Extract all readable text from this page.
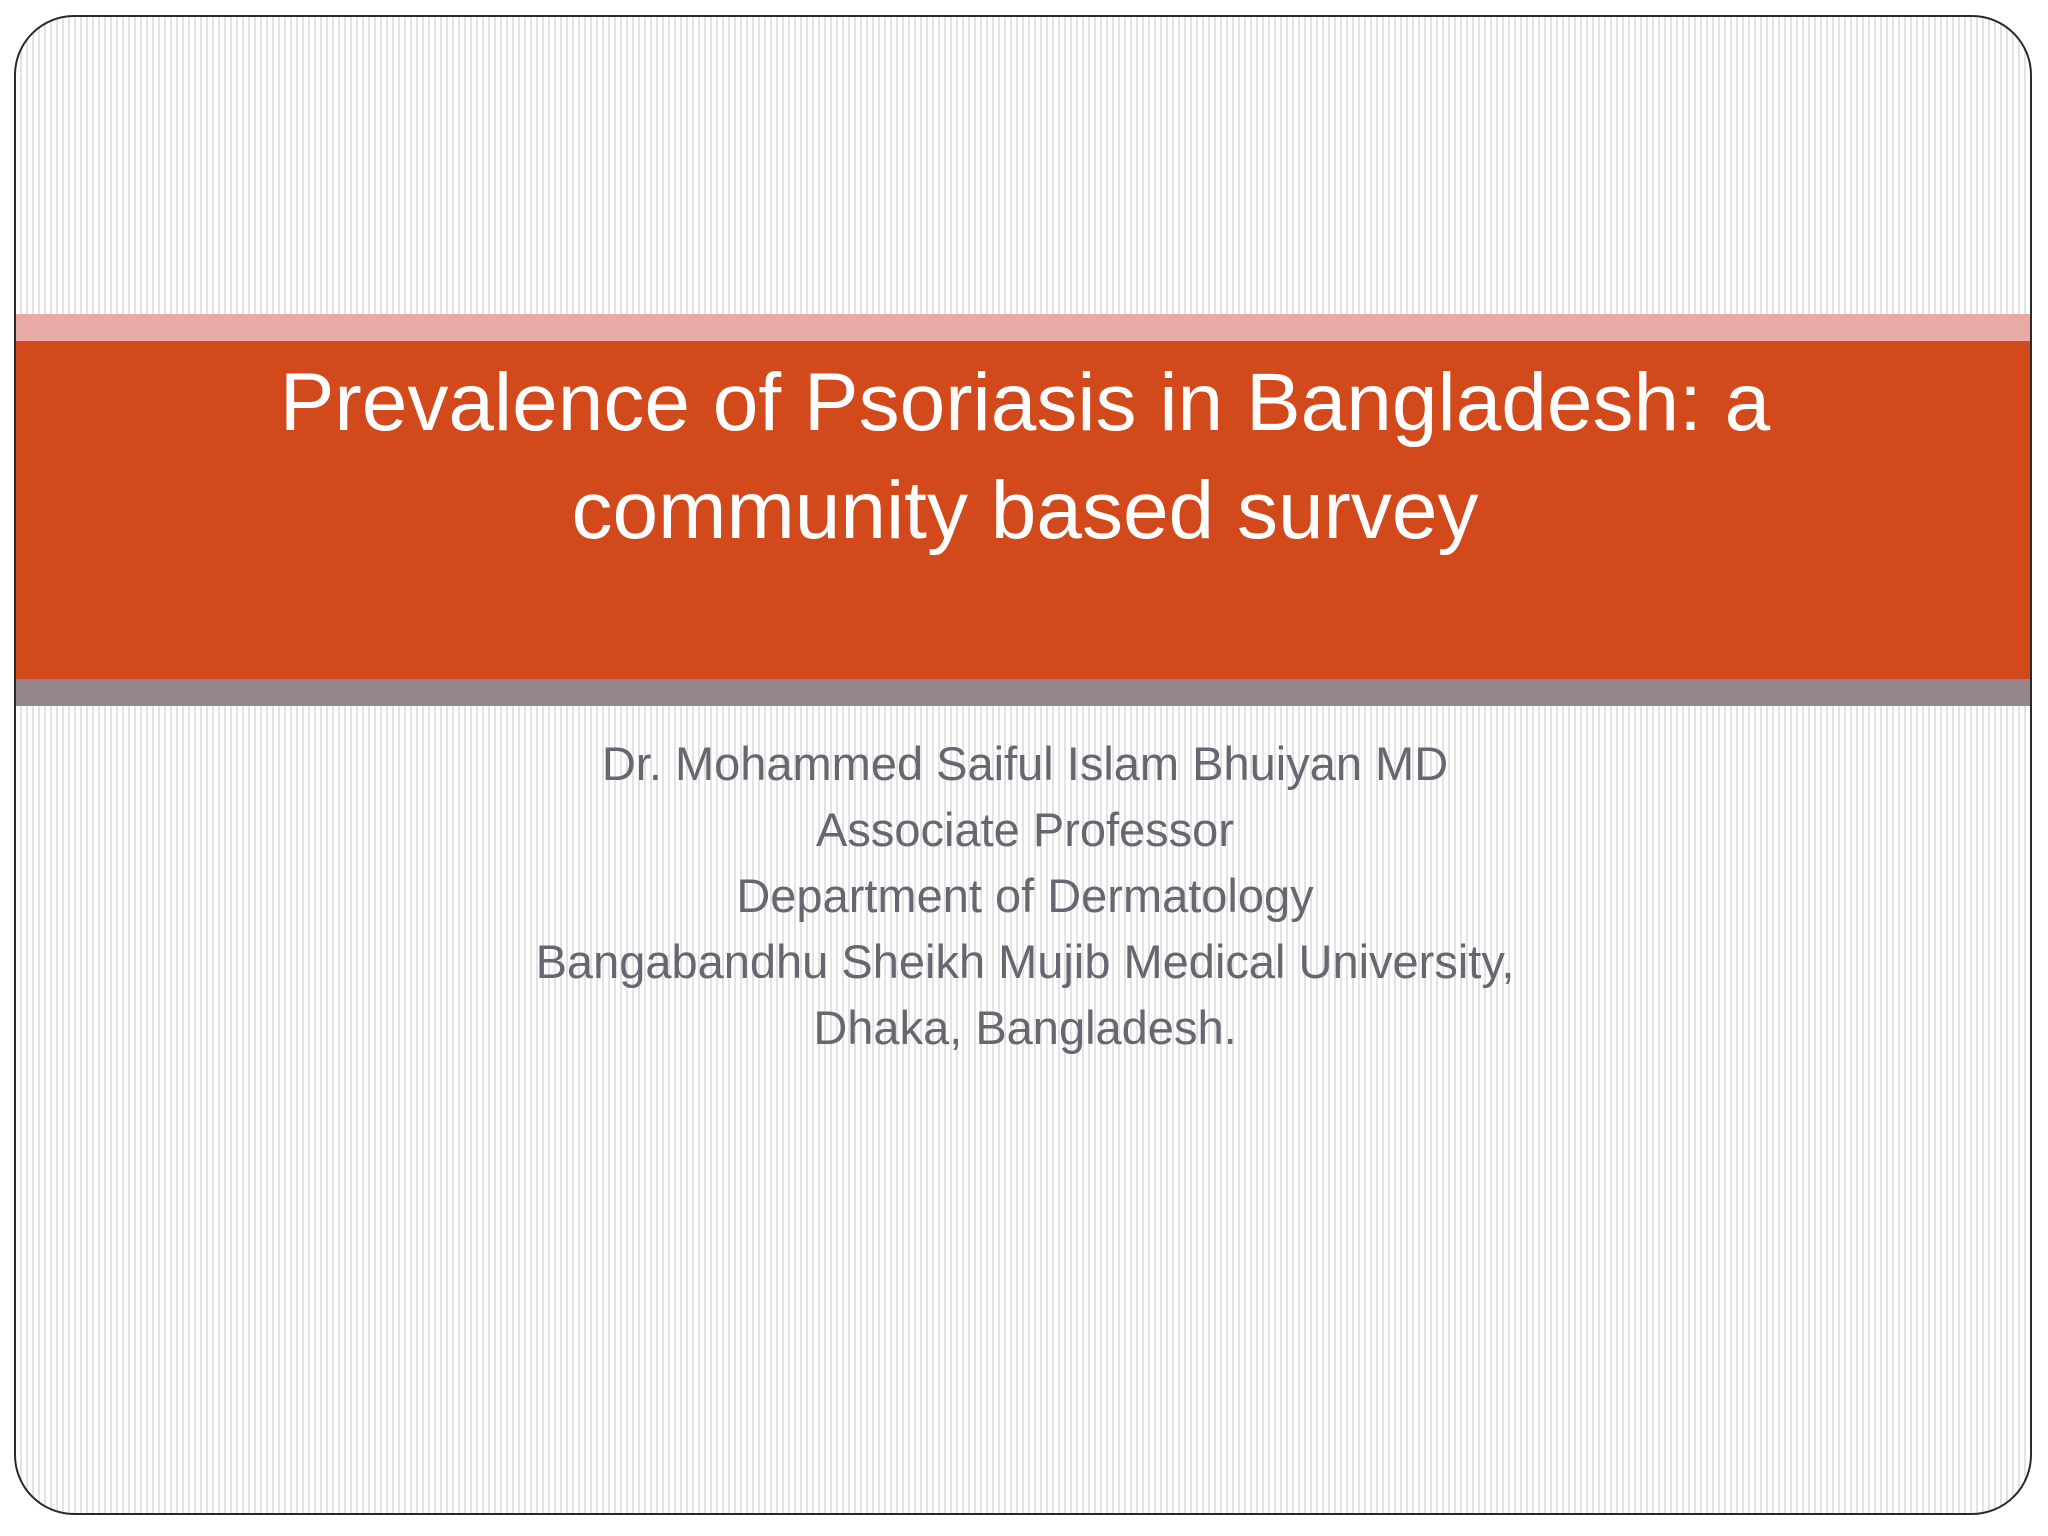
Prevalence of Psoriasis in Bangladesh: a community based survey
Dr. Mohammed Saiful Islam Bhuiyan MD
Associate Professor
Department of Dermatology
Bangabandhu Sheikh Mujib Medical University,
Dhaka, Bangladesh.
